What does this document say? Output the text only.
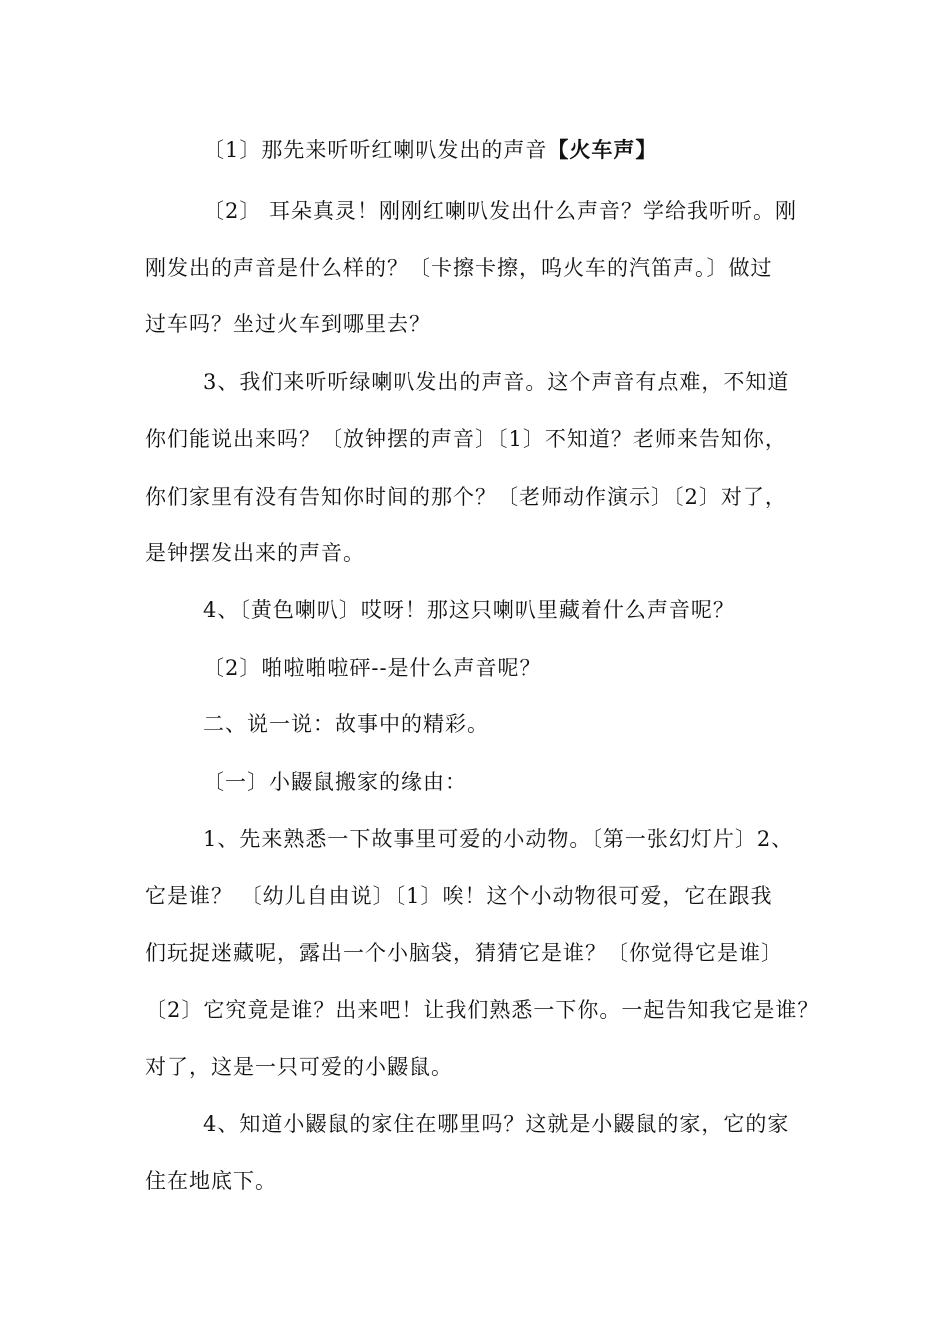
〔1〕那先来听听红喇叭发出的声音【火车声】
〔2〕 耳朵真灵！刚刚红喇叭发出什么声音？学给我听听。刚
刚发出的声音是什么样的？〔卡擦卡擦，呜火车的汽笛声。〕做过
过车吗？坐过火车到哪里去？
3、我们来听听绿喇叭发出的声音。这个声音有点难，不知道
你们能说出来吗？〔放钟摆的声音〕〔1〕不知道？老师来告知你，
你们家里有没有告知你时间的那个？〔老师动作演示〕〔2〕对了，
是钟摆发出来的声音。
4、〔黄色喇叭〕哎呀！那这只喇叭里藏着什么声音呢？
〔2〕啪啦啪啦砰--是什么声音呢？
二、说一说：故事中的精彩。
〔一〕小鼹鼠搬家的缘由：
1、先来熟悉一下故事里可爱的小动物。〔第一张幻灯片〕2、
它是谁？ 〔幼儿自由说〕〔1〕唉！这个小动物很可爱，它在跟我
们玩捉迷藏呢，露出一个小脑袋，猜猜它是谁？〔你觉得它是谁〕
〔2〕它究竟是谁？出来吧！让我们熟悉一下你。一起告知我它是谁？
对了，这是一只可爱的小鼹鼠。
4、知道小鼹鼠的家住在哪里吗？这就是小鼹鼠的家，它的家
住在地底下。
